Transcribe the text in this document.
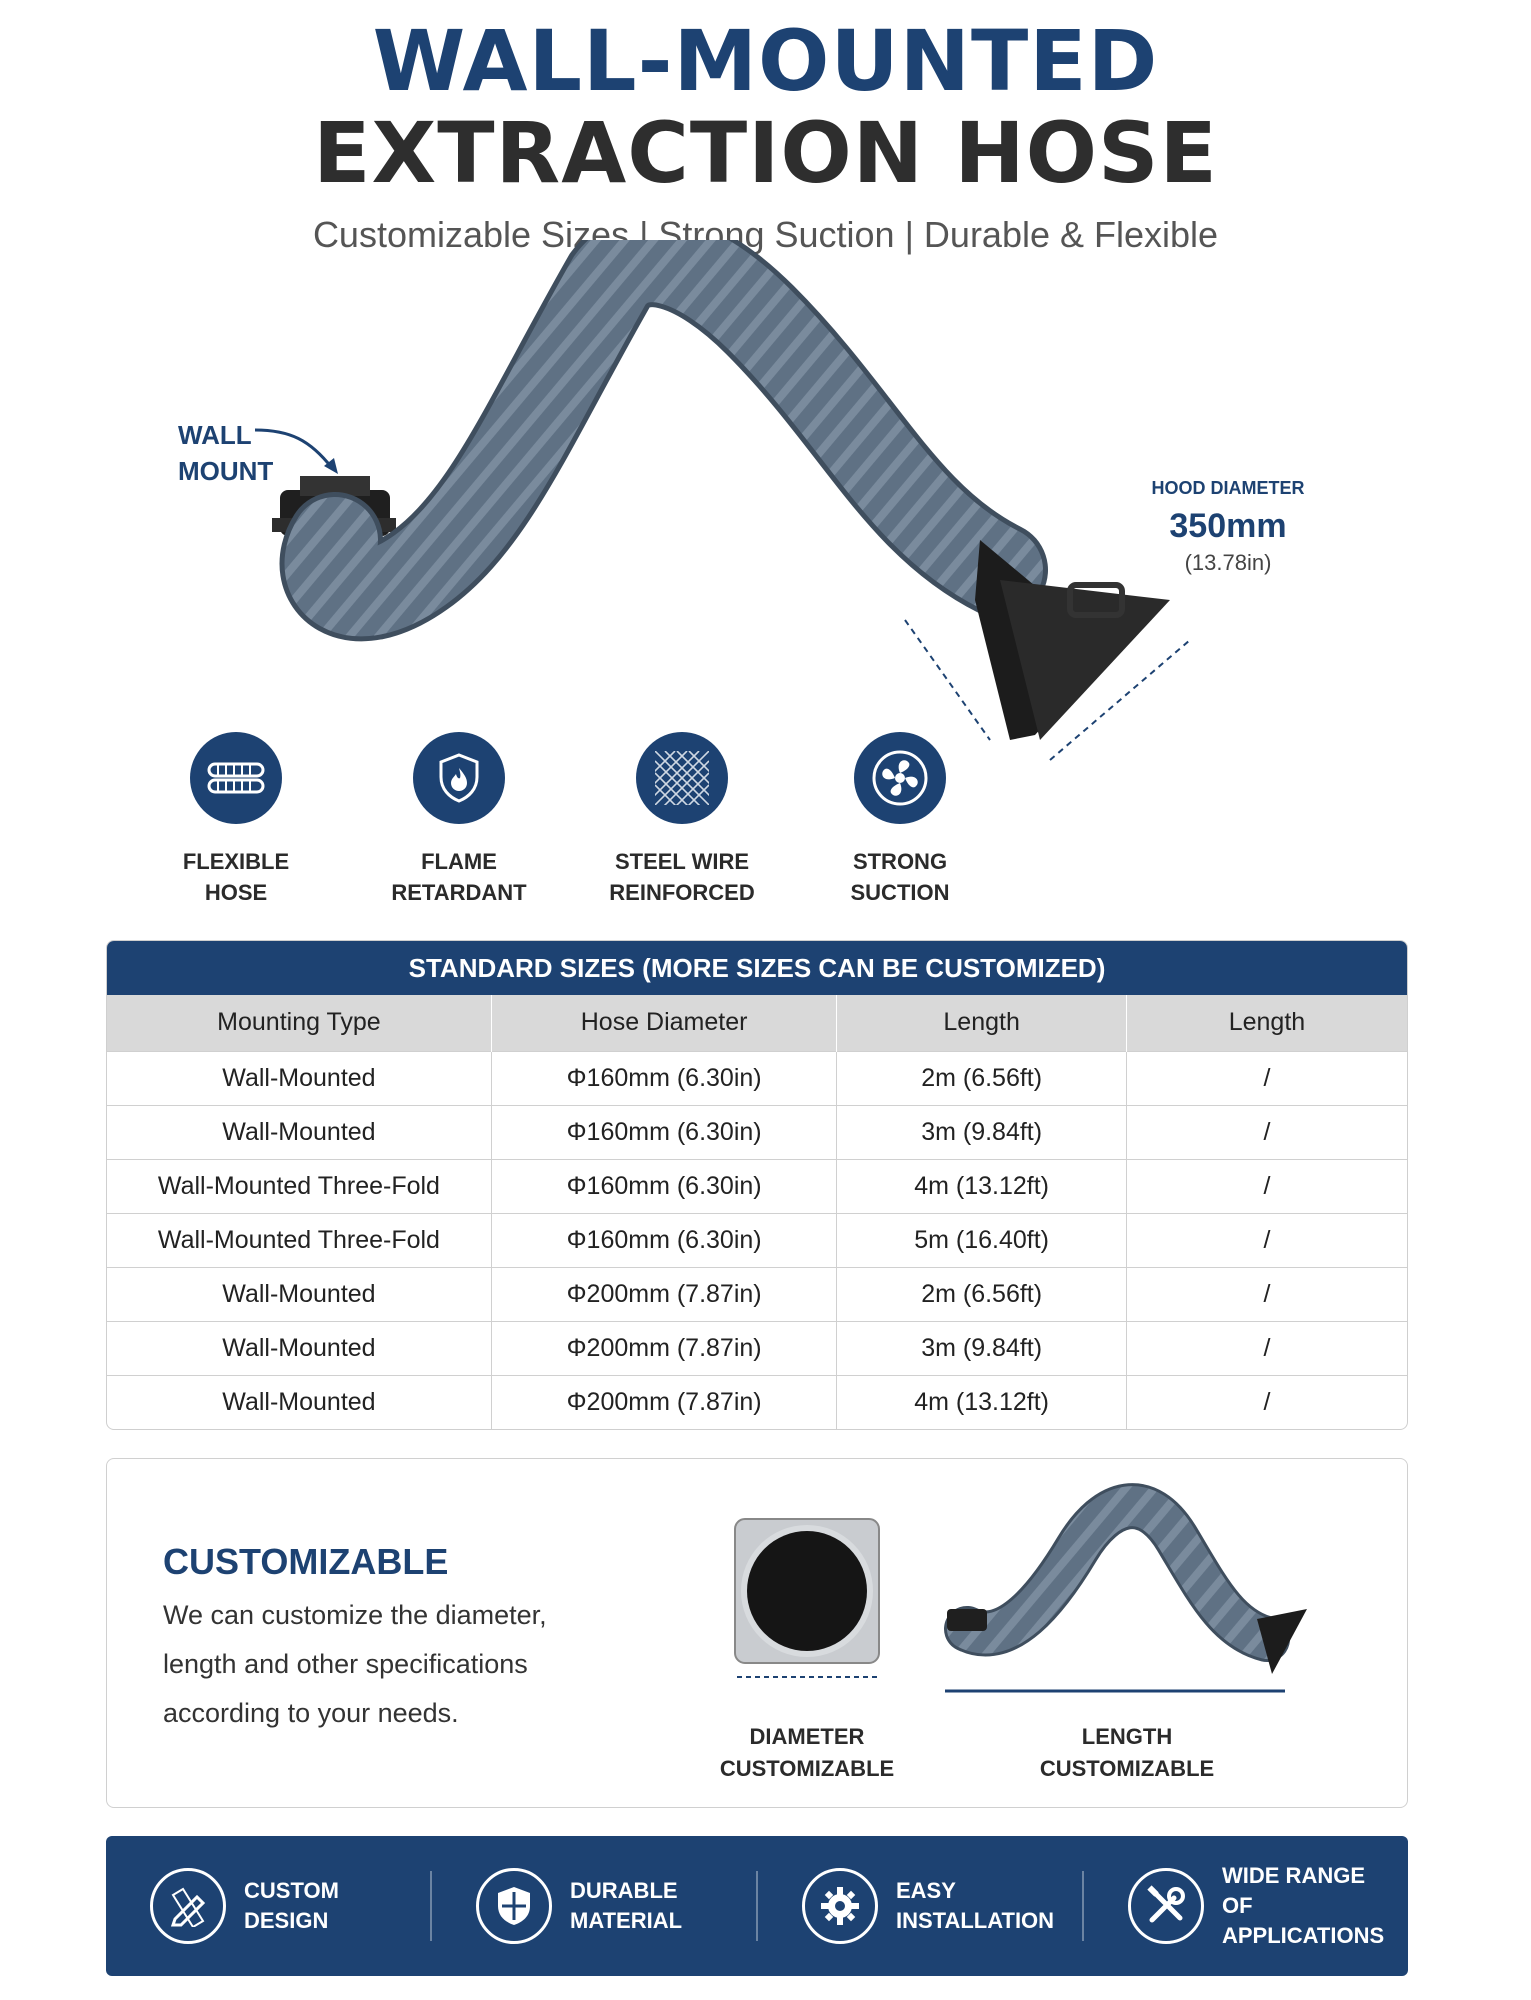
WALL-MOUNTED
EXTRACTION HOSE
Customizable Sizes | Strong Suction | Durable & Flexible
WALL
MOUNT
HOOD DIAMETER
350mm
(13.78in)
FLEXIBLE
HOSE
FLAME
RETARDANT
STEEL WIRE
REINFORCED
STRONG
SUCTION
STANDARD SIZES (MORE SIZES CAN BE CUSTOMIZED)
Mounting Type	Hose Diameter	Length	Length
Wall-Mounted	Φ160mm (6.30in)	2m (6.56ft)	/
Wall-Mounted	Φ160mm (6.30in)	3m (9.84ft)	/
Wall-Mounted Three-Fold	Φ160mm (6.30in)	4m (13.12ft)	/
Wall-Mounted Three-Fold	Φ160mm (6.30in)	5m (16.40ft)	/
Wall-Mounted	Φ200mm (7.87in)	2m (6.56ft)	/
Wall-Mounted	Φ200mm (7.87in)	3m (9.84ft)	/
Wall-Mounted	Φ200mm (7.87in)	4m (13.12ft)	/
CUSTOMIZABLE
We can customize the diameter, length and other specifications according to your needs.
DIAMETER
CUSTOMIZABLE
LENGTH
CUSTOMIZABLE
CUSTOM
DESIGN
DURABLE
MATERIAL
EASY
INSTALLATION
WIDE RANGE
OF APPLICATIONS
